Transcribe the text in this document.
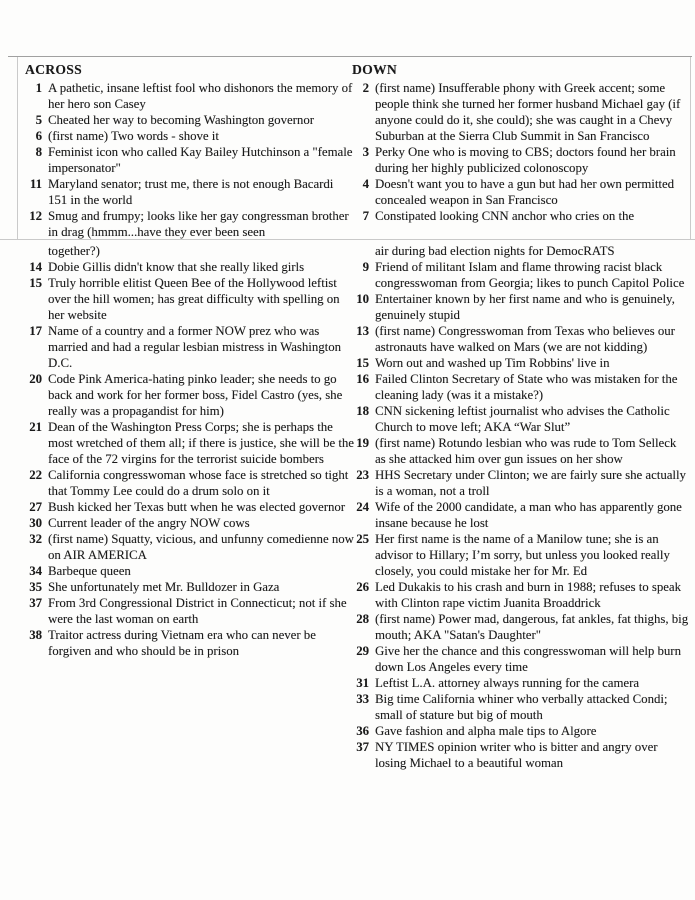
ACROSS
1 A pathetic, insane leftist fool who dishonors the memory of her hero son Casey
5 Cheated her way to becoming Washington governor
6 (first name) Two words - shove it
8 Feminist icon who called Kay Bailey Hutchinson a "female impersonator"
11 Maryland senator; trust me, there is not enough Bacardi 151 in the world
12 Smug and frumpy; looks like her gay congressman brother in drag (hmmm...have they ever been seen
together?)
14 Dobie Gillis didn't know that she really liked girls
15 Truly horrible elitist Queen Bee of the Hollywood leftist over the hill women; has great difficulty with spelling on her website
17 Name of a country and a former NOW prez who was married and had a regular lesbian mistress in Washington D.C.
20 Code Pink America-hating pinko leader; she needs to go back and work for her former boss, Fidel Castro (yes, she really was a propagandist for him)
21 Dean of the Washington Press Corps; she is perhaps the most wretched of them all; if there is justice, she will be the face of the 72 virgins for the terrorist suicide bombers
22 California congresswoman whose face is stretched so tight that Tommy Lee could do a drum solo on it
27 Bush kicked her Texas butt when he was elected governor
30 Current leader of the angry NOW cows
32 (first name) Squatty, vicious, and unfunny comedienne now on AIR AMERICA
34 Barbeque queen
35 She unfortunately met Mr. Bulldozer in Gaza
37 From 3rd Congressional District in Connecticut; not if she were the last woman on earth
38 Traitor actress during Vietnam era who can never be forgiven and who should be in prison
DOWN
2 (first name) Insufferable phony with Greek accent; some people think she turned her former husband Michael gay (if anyone could do it, she could); she was caught in a Chevy Suburban at the Sierra Club Summit in San Francisco
3 Perky One who is moving to CBS; doctors found her brain during her highly publicized colonoscopy
4 Doesn't want you to have a gun but had her own permitted concealed weapon in San Francisco
7 Constipated looking CNN anchor who cries on the
air during bad election nights for DemocRATS
9 Friend of militant Islam and flame throwing racist black congresswoman from Georgia; likes to punch Capitol Police
10 Entertainer known by her first name and who is genuinely, genuinely stupid
13 (first name) Congresswoman from Texas who believes our astronauts have walked on Mars (we are not kidding)
15 Worn out and washed up Tim Robbins' live in
16 Failed Clinton Secretary of State who was mistaken for the cleaning lady (was it a mistake?)
18 CNN sickening leftist journalist who advises the Catholic Church to move left; AKA “War Slut”
19 (first name) Rotundo lesbian who was rude to Tom Selleck as she attacked him over gun issues on her show
23 HHS Secretary under Clinton; we are fairly sure she actually is a woman, not a troll
24 Wife of the 2000 candidate, a man who has apparently gone insane because he lost
25 Her first name is the name of a Manilow tune; she is an advisor to Hillary; I’m sorry, but unless you looked really closely, you could mistake her for Mr. Ed
26 Led Dukakis to his crash and burn in 1988; refuses to speak with Clinton rape victim Juanita Broaddrick
28 (first name) Power mad, dangerous, fat ankles, fat thighs, big mouth; AKA "Satan's Daughter"
29 Give her the chance and this congresswoman will help burn down Los Angeles every time
31 Leftist L.A. attorney always running for the camera
33 Big time California whiner who verbally attacked Condi; small of stature but big of mouth
36 Gave fashion and alpha male tips to Algore
37 NY TIMES opinion writer who is bitter and angry over losing Michael to a beautiful woman
